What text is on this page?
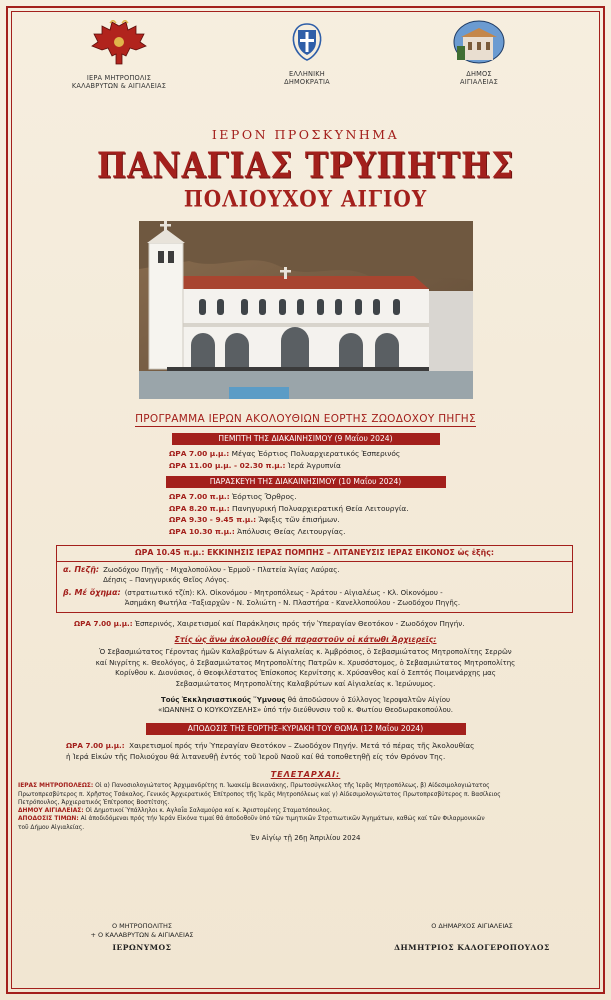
ΙΕΡΑ ΜΗΤΡΟΠΟΛΙΣ
ΚΑΛΑΒΡΥΤΩΝ & ΑΙΓΙΑΛΕΙΑΣ
ΕΛΛΗΝΙΚΗ
ΔΗΜΟΚΡΑΤΙΑ
ΔΗΜΟΣ
ΑΙΓΙΑΛΕΙΑΣ
ΙΕΡΟΝ ΠΡΟΣΚΥΝΗΜΑ
ΠΑΝΑΓΙΑΣ ΤΡΥΠΗΤΗΣ
ΠΟΛΙΟΥΧΟΥ ΑΙΓΙΟΥ
ΠΡΟΓΡΑΜΜΑ ΙΕΡΩΝ ΑΚΟΛΟΥΘΙΩΝ ΕΟΡΤΗΣ ΖΩΟΔΟΧΟΥ ΠΗΓΗΣ
ΠΕΜΠΤΗ ΤΗΣ ΔΙΑΚΑΙΝΗΣΙΜΟΥ (9 Μαΐου 2024)
ΩΡΑ 7.00 μ.μ.: Μέγας Ἑόρτιος Πολυαρχιερατικός Ἑσπερινός
ΩΡΑ 11.00 μ.μ. - 02.30 π.μ.: Ἱερά Ἀγρυπνία
ΠΑΡΑΣΚΕΥΗ ΤΗΣ ΔΙΑΚΑΙΝΗΣΙΜΟΥ (10 Μαΐου 2024)
ΩΡΑ 7.00 π.μ.: Ἑόρτιος Ὄρθρος.
ΩΡΑ 8.20 π.μ.: Πανηγυρική Πολυαρχιερατική Θεία Λειτουργία.
ΩΡΑ 9.30 - 9.45 π.μ.: Ἄφιξις τῶν ἐπισήμων.
ΩΡΑ 10.30 π.μ.: Ἀπόλυσις Θείας Λειτουργίας.
ΩΡΑ 10.45 π.μ.: ΕΚΚΙΝΗΣΙΣ ΙΕΡΑΣ ΠΟΜΠΗΣ – ΛΙΤΑΝΕΥΣΙΣ ΙΕΡΑΣ ΕΙΚΟΝΟΣ ὡς ἑξῆς:
α. Πεζῇ: Ζωοδόχου Πηγῆς - Μιχαλοπούλου - Ἑρμοῦ - Πλατεία Ἁγίας Λαύρας.
Δέησις – Πανηγυρικός Θεῖος Λόγος.
β. Μέ ὄχημα: (στρατιωτικό τζίπ): Κλ. Οἰκονόμου - Μητροπόλεως - Ἀράτου - Αἰγιαλέως - Κλ. Οἰκονόμου -
Ἀσημάκη Φωτήλα -Ταξιαρχῶν - Ν. Σολιώτη - Ν. Πλαστήρα - Κανελλοπούλου - Ζωοδόχου Πηγῆς.
ΩΡΑ 7.00 μ.μ.: Ἑσπερινός, Χαιρετισμοί καί Παράκλησις πρός τήν Ὑπεραγίαν Θεοτόκον - Ζωοδόχον Πηγήν.
Στίς ὡς ἄνω ἀκολουθίες θά παραστοῦν οἱ κάτωθι Ἀρχιερεῖς:
Ὁ Σεβασμιώτατος Γέροντας ἡμῶν Καλαβρύτων & Αἰγιαλείας κ. Ἀμβρόσιος, ὁ Σεβασμιώτατος Μητροπολίτης Σερρῶν
καί Νιγρίτης κ. Θεολόγος, ὁ Σεβασμιώτατος Μητροπολίτης Πατρῶν κ. Χρυσόστομος, ὁ Σεβασμιώτατος Μητροπολίτης
Κορίνθου κ. Διονύσιος, ὁ Θεοφιλέστατος Ἐπίσκοπος Κερνίτσης κ. Χρύσανθος καί ὁ Σεπτός Ποιμενάρχης μας
Σεβασμιώτατος Μητροπολίτης Καλαβρύτων καί Αἰγιαλείας κ. Ἱερώνυμος.
Τούς Ἐκκλησιαστικούς Ὕμνους θά ἀποδώσουν ὁ Σύλλογος Ἱεροψαλτῶν Αἰγίου
«ΙΩΑΝΝΗΣ Ο ΚΟΥΚΟΥΖΕΛΗΣ» ὑπό τήν διεύθυνσιν τοῦ κ. Φωτίου Θεοδωρακοπούλου.
ΑΠΟΔΟΣΙΣ ΤΗΣ ΕΟΡΤΗΣ–ΚΥΡΙΑΚΗ ΤΟΥ ΘΩΜΑ (12 Μαΐου 2024)
ΩΡΑ 7.00 μ.μ.: Χαιρετισμοί πρός τήν Ὑπεραγίαν Θεοτόκον – Ζωοδόχον Πηγήν. Μετά τό πέρας τῆς Ἀκολουθίας
ἡ Ἱερά Εἰκών τῆς Πολιούχου θά λιτανευθῇ ἐντός τοῦ Ἱεροῦ Ναοῦ καί θά τοποθετηθῇ είς τόν Θρόνον Της.
ΤΕΛΕΤΑΡΧΑΙ:
ΙΕΡΑΣ ΜΗΤΡΟΠΟΛΕΩΣ: Οἱ α) Πανοσιολογιώτατος Ἀρχιμανδρίτης π. Ἰωακείμ Βενιανάκης, Πρωτοσύγκελλος τῆς Ἱερᾶς Μητροπόλεως, β) Αἰδεσιμολογιώτατος
Πρωτοπρεσβύτερος π. Χρῆστος Τσάκαλος, Γενικός Ἀρχιερατικός Ἐπίτροπος τῆς Ἱερᾶς Μητροπόλεως καί γ) Αἰδεσιμολογιώτατος Πρωτοπρεσβύτερος π. Βασίλειος
Πετρόπουλος, Ἀρχιερατικός Ἐπίτροπος Βοστίτσης.
ΔΗΜΟΥ ΑΙΓΙΑΛΕΙΑΣ: Οἱ Δημοτικοί Ὑπάλληλοι κ. Αγλαΐα Σαλαμούρα καί κ. Ἀριστομένης Σταματόπουλος.
ΑΠΟΔΟΣΙΣ ΤΙΜΩΝ: Αἱ ἀποδιδόμεναι πρός τήν Ἱεράν Εἰκόνα τιμαί θά ἀποδοθοῦν ὑπό τῶν τιμητικῶν Στρατιωτικῶν Ἀγημάτων, καθώς καί τῶν Φιλαρμονικῶν
τοῦ Δήμου Αἰγιαλείας.
Ἐν Αἰγίῳ τῇ 26ῃ Ἀπριλίου 2024
Ο ΜΗΤΡΟΠΟΛΙΤΗΣ
+ Ο ΚΑΛΑΒΡΥΤΩΝ & ΑΙΓΙΑΛΕΙΑΣ
ΙΕΡΩΝΥΜΟΣ
Ο ΔΗΜΑΡΧΟΣ ΑΙΓΙΑΛΕΙΑΣ
ΔΗΜΗΤΡΙΟΣ ΚΑΛΟΓΕΡΟΠΟΥΛΟΣ
